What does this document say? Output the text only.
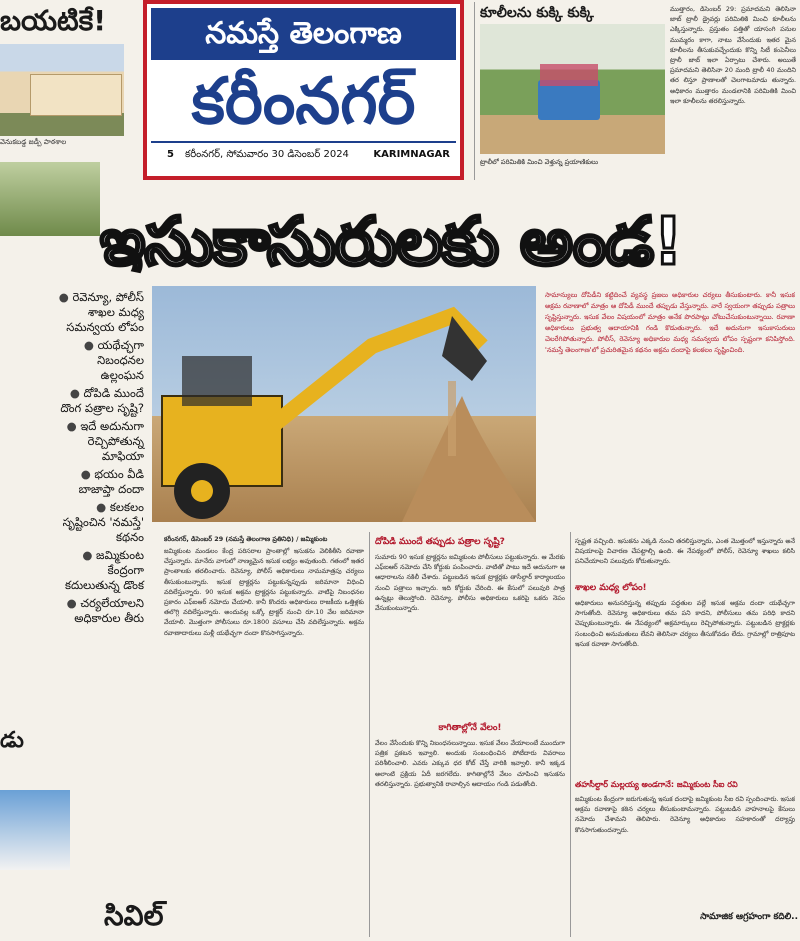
బయటికే!
వెనుకబడ్డ జడ్పీ పాఠశాల
నమస్తే తెలంగాణ
కరీంనగర్
5 కరీంనగర్, సోమవారం 30 డిసెంబర్ 2024 KARIMNAGAR
కూలీలను కుక్కి కుక్కి
ట్రాలీలో పరిమితికి మించి వెళ్తున్న ప్రయాణికులు
ముత్తారం, డిసెంబర్ 29: ప్రమాదమని తెలిసినా జాబ్ ట్రాలీ డ్రైవర్లు పరిమితికి మించి కూలీలను ఎక్కిస్తున్నారు. ప్రస్తుతం పత్తితో యాసంగి పనుల ముమ్మరం కాగా, నాటు వేసేందుకు ఇతర మైన కూలీలను తీసుకువచ్చేందుకు కొన్ని సిటీ కంపెనీలు ట్రాలీ జాబ్ ఇలా ఏర్పాటు చేశారు. అయితే ప్రమాదమని తెలిసినా 20 మంది ట్రాలీ 40 మందిని తర లిస్తూ ప్రాణాలతో చెలగాటమాడు తున్నారు. అధికారం ముత్తారం మండలానికి పరిమితికి మించి ఇలా కూలీలను తరలిస్తున్నారు.
ఇసుకాసురులకు అండ!
● రెవెన్యూ, పోలీస్ శాఖల మధ్య సమన్వయ లోపం
● యథేచ్ఛగా నిబంధనల ఉల్లంఘన
● దోపిడి ముందే దొంగ పత్రాల సృష్టి?
● ఇదే అదునుగా రెచ్చిపోతున్న మాఫియా
● భయం వీడి బాజాప్తా దందా
● కలకలం సృష్టించిన 'నమస్తే' కథనం
● జమ్మికుంట కేంద్రంగా కదులుతున్న డొంక
● చర్యలేయాలని అధికారుల తీరు
సామాన్యులు దోపిడీని కట్టిదించే వ్యవస్థ ప్రజలు అధికారుల చర్యలు తీసుకుంటారు. కానీ ఇసుక అక్రమ రవాణాలో మాత్రం ఆ దోపిడీ ముందే తప్పుడు వేస్తున్నారు. వారే స్వయంగా తప్పుడు పత్రాలు సృష్టిస్తున్నారు. ఇసుక వేలం విషయంలో మాత్రం అనేక పొరపాట్లు చోటుచేసుకుంటున్నాయి. రవాణా అధికారులు ప్రభుత్వ ఆదాయానికి గండి కొడుతున్నారు. ఇదే అదునుగా ఇసుకాసురులు చెలరేగిపోతున్నారు. పోలీస్, రెవెన్యూ అధికారుల మధ్య సమన్వయ లోపం స్పష్టంగా కనిపిస్తోంది. 'నమస్తే తెలంగాణ'లో ప్రచురితమైన కథనం అక్రమ దందాపై కలకలం సృష్టించింది.
కరీంనగర్, డిసెంబర్ 29 (నమస్తే తెలంగాణ ప్రతినిధి) / జమ్మికుంట
జమ్మికుంట మండలం కేంద్ర పరిసరాల ప్రాంతాల్లో ఇసుకను వెలికితీసి రవాణా చేస్తున్నారు. మానేరు వాగులో నాణ్యమైన ఇసుక లభ్యం అవుతుంది. గతంలో ఇతర ప్రాంతాలకు తరలించారు. రెవెన్యూ, పోలీస్ అధికారులు నామమాత్రపు చర్యలు తీసుకుంటున్నారు. ఇసుక ట్రాక్టర్లను పట్టుకున్నప్పుడు జరిమానా విధించి వదిలేస్తున్నారు. 90 ఇసుక అక్రమ ట్రాక్టర్లను పట్టుకున్నారు. వాటిపై నిబంధనల ప్రకారం ఎఫ్ఐఆర్ నమోదు చేయాలి. కానీ కొందరు అధికారులు రాజకీయ ఒత్తిళ్లకు తలొగ్గి వదిలేస్తున్నారు. అందువల్ల ఒక్కో ట్రాక్టర్ నుంచి రూ.10 వేల జరిమానా వేయాలి. మొత్తంగా పోలీసులు రూ.1800 వసూలు చేసి వదిలేస్తున్నారు. అక్రమ రవాణాదారులు మళ్లీ యథేచ్ఛగా దందా కొనసాగిస్తున్నారు.
దోపిడి ముందే తప్పుడు పత్రాల సృష్టి?
సుమారు 90 ఇసుక ట్రాక్టర్లను జమ్మికుంట పోలీసులు పట్టుకున్నారు. ఆ మేరకు ఎఫ్ఐఆర్ నమోదు చేసి కోర్టుకు పంపించారు. వాటితో పాటు ఇదే అదునుగా ఆ ఆధారాలను నకిలీ చేశారు. పట్టుబడిన ఇసుక ట్రాక్టర్లకు తాసీల్దార్ కార్యాలయం నుంచి పత్రాలు ఇచ్చారు. ఇది కోర్టుకు చేరింది. ఈ కేసులో పలువురి పాత్ర ఉన్నట్లు తెలుస్తోంది. రెవెన్యూ, పోలీసు అధికారులు ఒకరిపై ఒకరు నెపం వేసుకుంటున్నారు.
కాగితాల్లోనే వేలం!
వేలం వేసేందుకు కొన్ని నిబంధనలున్నాయి. ఇసుక వేలం వేయాలంటే ముందుగా పత్రిక ప్రకటన ఇవ్వాలి. అందుకు సంబంధించిన పోటీదారు వివరాలు పరిశీలించాలి. ఎవరు ఎక్కువ ధర కోట్ చేస్తే వారికి ఇవ్వాలి. కానీ ఇక్కడ అలాంటి ప్రక్రియ ఏదీ జరగలేదు. కాగితాల్లోనే వేలం చూపించి ఇసుకను తరలిస్తున్నారు. ప్రభుత్వానికి రావాల్సిన ఆదాయం గండి పడుతోంది.
స్పష్టత వచ్చింది. ఇసుకను ఎక్కడి నుంచి తరలిస్తున్నారు, ఎంత మొత్తంలో ఇస్తున్నారు అనే విషయాలపై విచారణ చేపట్టాల్సి ఉంది. ఈ నేపథ్యంలో పోలీస్, రెవెన్యూ శాఖలు కలిసి పనిచేయాలని పలువురు కోరుతున్నారు.
శాఖల మధ్య లోపం!
అధికారులు అనుసరిస్తున్న తప్పుడు పద్ధతుల వల్లే ఇసుక అక్రమ దందా యథేచ్ఛగా సాగుతోంది. రెవెన్యూ అధికారులు తమ పని కాదని, పోలీసులు తమ పరిధి కాదని చెప్పుకుంటున్నారు. ఈ నేపథ్యంలో అక్రమార్కులు రెచ్చిపోతున్నారు. పట్టుబడిన ట్రాక్టర్లకు సంబంధించి అనుమతులు లేవని తెలిసినా చర్యలు తీసుకోవడం లేదు. గ్రామాల్లో రాత్రిపూట ఇసుక రవాణా సాగుతోంది.
తహసీల్దార్ మల్లయ్య అండగానే: జమ్మికుంట సీఐ రవి
జమ్మికుంట కేంద్రంగా జరుగుతున్న ఇసుక దందాపై జమ్మికుంట సీఐ రవి స్పందించారు. ఇసుక అక్రమ రవాణాపై కఠిన చర్యలు తీసుకుంటామన్నారు. పట్టుబడిన వాహనాలపై కేసులు నమోదు చేశామని తెలిపారు. రెవెన్యూ అధికారుల సహకారంతో దర్యాప్తు కొనసాగుతుందన్నారు.
సామాజిక ఆగ్రహంగా కదిలి..
డు
సివిల్
